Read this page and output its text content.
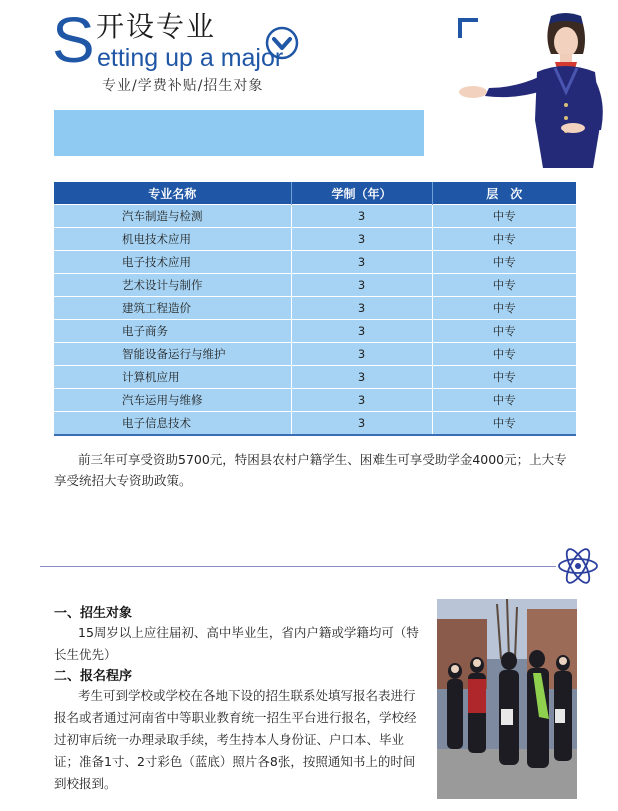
S 开设专业
etting up a major
专业/学费补贴/招生对象
专业名称	学制（年）	层　次
汽车制造与检测	3	中专
机电技术应用	3	中专
电子技术应用	3	中专
艺术设计与制作	3	中专
建筑工程造价	3	中专
电子商务	3	中专
智能设备运行与维护	3	中专
计算机应用	3	中专
汽车运用与维修	3	中专
电子信息技术	3	中专
前三年可享受资助5700元，特困县农村户籍学生、困难生可享受助学金4000元；上大专享受统招大专资助政策。
一、招生对象
15周岁以上应往届初、高中毕业生，省内户籍或学籍均可（特长生优先）
二、报名程序
考生可到学校或学校在各地下设的招生联系处填写报名表进行报名或者通过河南省中等职业教育统一招生平台进行报名，学校经过初审后统一办理录取手续，考生持本人身份证、户口本、毕业证；准备1寸、2寸彩色（蓝底）照片各8张，按照通知书上的时间到校报到。
